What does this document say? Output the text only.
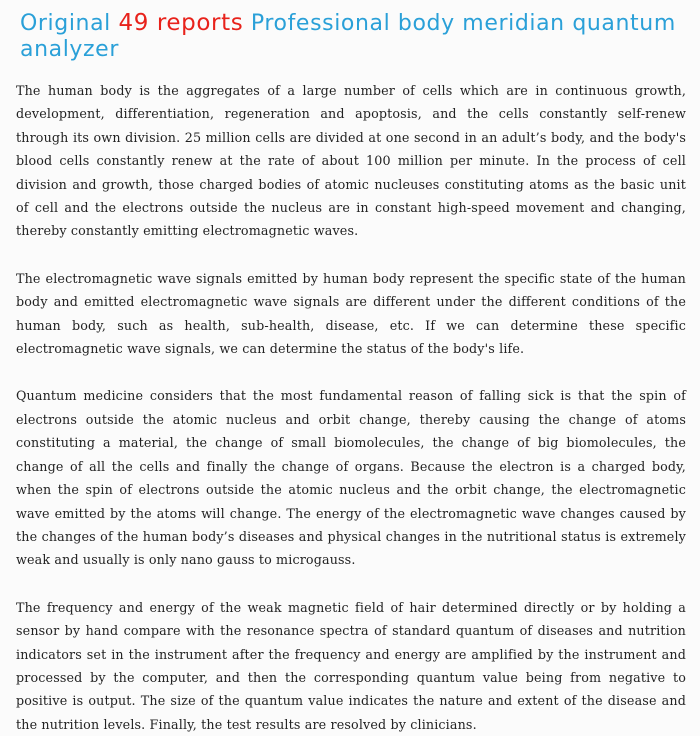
Original 49 reports Professional body meridian quantum analyzer

The human body is the aggregates of a large number of cells which are in continuous growth, development, differentiation, regeneration and apoptosis, and the cells constantly self-renew through its own division. 25 million cells are divided at one second in an adult’s body, and the body's blood cells constantly renew at the rate of about 100 million per minute. In the process of cell division and growth, those charged bodies of atomic nucleuses constituting atoms as the basic unit of cell and the electrons outside the nucleus are in constant high-speed movement and changing, thereby constantly emitting electromagnetic waves.

The electromagnetic wave signals emitted by human body represent the specific state of the human body and emitted electromagnetic wave signals are different under the different conditions of the human body, such as health, sub-health, disease, etc. If we can determine these specific electromagnetic wave signals, we can determine the status of the body's life.

Quantum medicine considers that the most fundamental reason of falling sick is that the spin of electrons outside the atomic nucleus and orbit change, thereby causing the change of atoms constituting a material, the change of small biomolecules, the change of big biomolecules, the change of all the cells and finally the change of organs. Because the electron is a charged body, when the spin of electrons outside the atomic nucleus and the orbit change, the electromagnetic wave emitted by the atoms will change. The energy of the electromagnetic wave changes caused by the changes of the human body’s diseases and physical changes in the nutritional status is extremely weak and usually is only nano gauss to microgauss.

The frequency and energy of the weak magnetic field of hair determined directly or by holding a sensor by hand compare with the resonance spectra of standard quantum of diseases and nutrition indicators set in the instrument after the frequency and energy are amplified by the instrument and processed by the computer, and then the corresponding quantum value being from negative to positive is output. The size of the quantum value indicates the nature and extent of the disease and the nutrition levels. Finally, the test results are resolved by clinicians.
